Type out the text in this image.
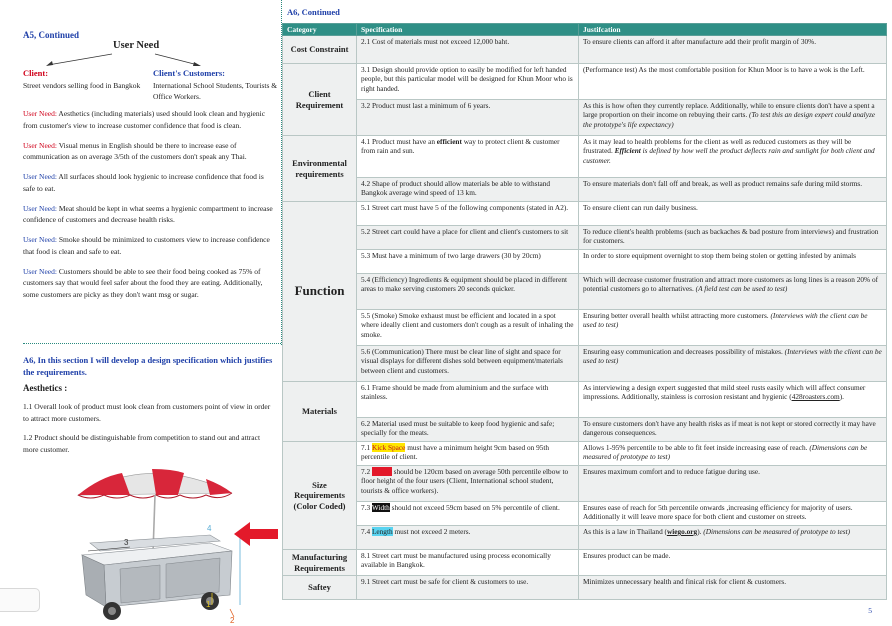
A5, Continued
User Need
Client:
Street vendors selling food in Bangkok
Client's Customers:
International School Students, Tourists & Office Workers.

User Need: Aesthetics (including materials) used should look clean and hygienic from customer's view to increase customer confidence that food is clean.

User Need: Visual menus in English should be there to increase ease of communication as on average 3/5th of the customers don't speak any Thai.

User Need: All surfaces should look hygienic to increase confidence that food is safe to eat.

User Need: Meat should be kept in what seems a hygienic compartment to increase confidence of customers and decrease health risks.

User Need: Smoke should be minimized to customers view to increase confidence that food is clean and safe to eat.

User Need: Customers should be able to see their food being cooked as 75% of customers say that would feel safer about the food they are eating. Additionally, some customers are picky as they don't want msg or sugar.

A6, In this section I will develop a design specification which justifies the requirements.
Aesthetics :

1.1 Overall look of product must look clean from customers point of view in order to attract more customers.

1.2 Product should be distinguishable from competition to stand out and attract more customer.

3
4
1
2
A6, Continued
Category	Specification	Justifcation
Cost Constraint	2.1 Cost of materials must not exceed 12,000 baht.	To ensure clients can afford it after manufacture add their profit margin of 30%.
Client Requirement	3.1 Design should provide option to easily be modified for left handed people, but this particular model will be designed for Khun Moor who is right handed.	(Performance test) As the most comfortable position for Khun Moor is to have a wok is the Left.
	3.2 Product must last a minimum of 6 years.	As this is how often they currently replace. Additionally, while to ensure clients don't have a spent a large proportion on their income on rebuying their carts. (To test this an design expert could analyze the prototype's life expectancy)
Environmental requirements	4.1 Product must have an efficient way to protect client & customer from rain and sun.	As it may lead to health problems for the client as well as reduced customers as they will be frustrated. Efficient is defined by how well the product deflects rain and sunlight for both client and customer.
	4.2 Shape of product should allow materials be able to withstand Bangkok average wind speed of 13 km.	To ensure materials don't fall off and break, as well as product remains safe during mild storms.
Function	5.1 Street cart must have 5 of the following components (stated in A2).	To ensure client can run daily business.
	5.2 Street cart could have a place for client and client's customers to sit	To reduce client's health problems (such as backaches & bad posture from interviews) and frustration for customers.
	5.3 Must have a minimum of two large drawers (30 by 20cm)	In order to store equipment overnight to stop them being stolen or getting infested by animals
	5.4 (Efficiency) Ingredients & equipment should be placed in different areas to make serving customers 20 seconds quicker.	Which will decrease customer frustration and attract more customers as long lines is a reason 20% of potential customers go to alternatives. (A field test can be used to test)
	5.5 (Smoke) Smoke exhaust must be efficient and located in a spot where ideally client and customers don't cough as a result of inhaling the smoke.	Ensuring better overall health whilst attracting more customers. (Interviews with the client can be used to test)
	5.6 (Communication) There must be clear line of sight and space for visual displays for different dishes sold between equipment/materials between client and customers.	Ensuring easy communication and decreases possibility of mistakes. (Interviews with the client can be used to test)
Materials	6.1 Frame should be made from aluminium and the surface with stainless.	As interviewing a design expert suggested that mild steel rusts easily which will affect consumer impressions. Additionally, stainless is corrosion resistant and hygienic (428roasters.com).
	6.2 Material used must be suitable to keep food hygienic and safe; specially for the meats.	To ensure customers don't have any health risks as if meat is not kept or stored correctly it may have dangerous consequences.
Size Requirements (Color Coded)	7.1 Kick Space must have a minimum height 9cm based on 95th percentile of client.	Allows 1-95% percentile to be able to fit feet inside increasing ease of reach. (Dimensions can be measured of prototype to test)
	7.2 Height should be 120cm based on average 50th percentile elbow to floor height of the four users (Client, International school student, tourists & office workers).	Ensures maximum comfort and to reduce fatigue during use.
	7.3 Width should not exceed 59cm based on 5% percentile of client.	Ensures ease of reach for 5th percentile onwards ,increasing efficiency for majority of users. Additionally it will leave more space for both client and customer on streets.
	7.4 Length must not exceed 2 meters.	As this is a law in Thailand (wiego.org). (Dimensions can be measured of prototype to test)
Manufacturing Requirements	8.1 Street cart must be manufactured using process economically available in Bangkok.	Ensures product can be made.
Saftey	9.1 Street cart must be safe for client & customers to use.	Minimizes unnecessary health and finical risk for client & customers.
5
